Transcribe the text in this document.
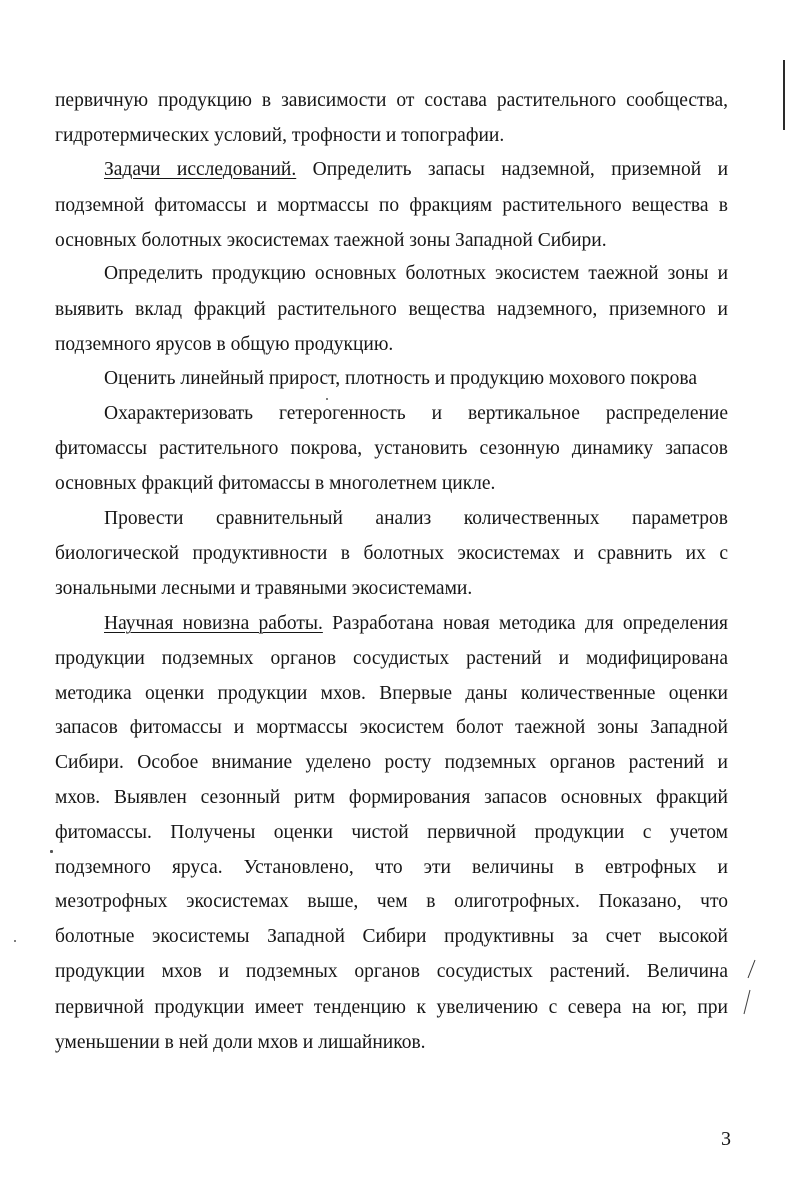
первичную продукцию в зависимости от состава растительного сообщества,
гидротермических условий, трофности и топографии.
Задачи исследований. Определить запасы надземной, приземной и
подземной фитомассы и мортмассы по фракциям растительного вещества в
основных болотных экосистемах таежной зоны Западной Сибири.
Определить продукцию основных болотных экосистем таежной зоны и
выявить вклад фракций растительного вещества надземного, приземного и
подземного ярусов в общую продукцию.
Оценить линейный прирост, плотность и продукцию мохового покрова
Охарактеризовать гетерогенность и вертикальное распределение
фитомассы растительного покрова, установить сезонную динамику запасов
основных фракций фитомассы в многолетнем цикле.
Провести сравнительный анализ количественных параметров
биологической продуктивности в болотных экосистемах и сравнить их с
зональными лесными и травяными экосистемами.
Научная новизна работы. Разработана новая методика для определения
продукции подземных органов сосудистых растений и модифицирована
методика оценки продукции мхов. Впервые даны количественные оценки
запасов фитомассы и мортмассы экосистем болот таежной зоны Западной
Сибири. Особое внимание уделено росту подземных органов растений и
мхов. Выявлен сезонный ритм формирования запасов основных фракций
фитомассы. Получены оценки чистой первичной продукции с учетом
подземного яруса. Установлено, что эти величины в евтрофных и
мезотрофных экосистемах выше, чем в олиготрофных. Показано, что
болотные экосистемы Западной Сибири продуктивны за счет высокой
продукции мхов и подземных органов сосудистых растений. Величина
первичной продукции имеет тенденцию к увеличению с севера на юг, при
уменьшении в ней доли мхов и лишайников.
3
